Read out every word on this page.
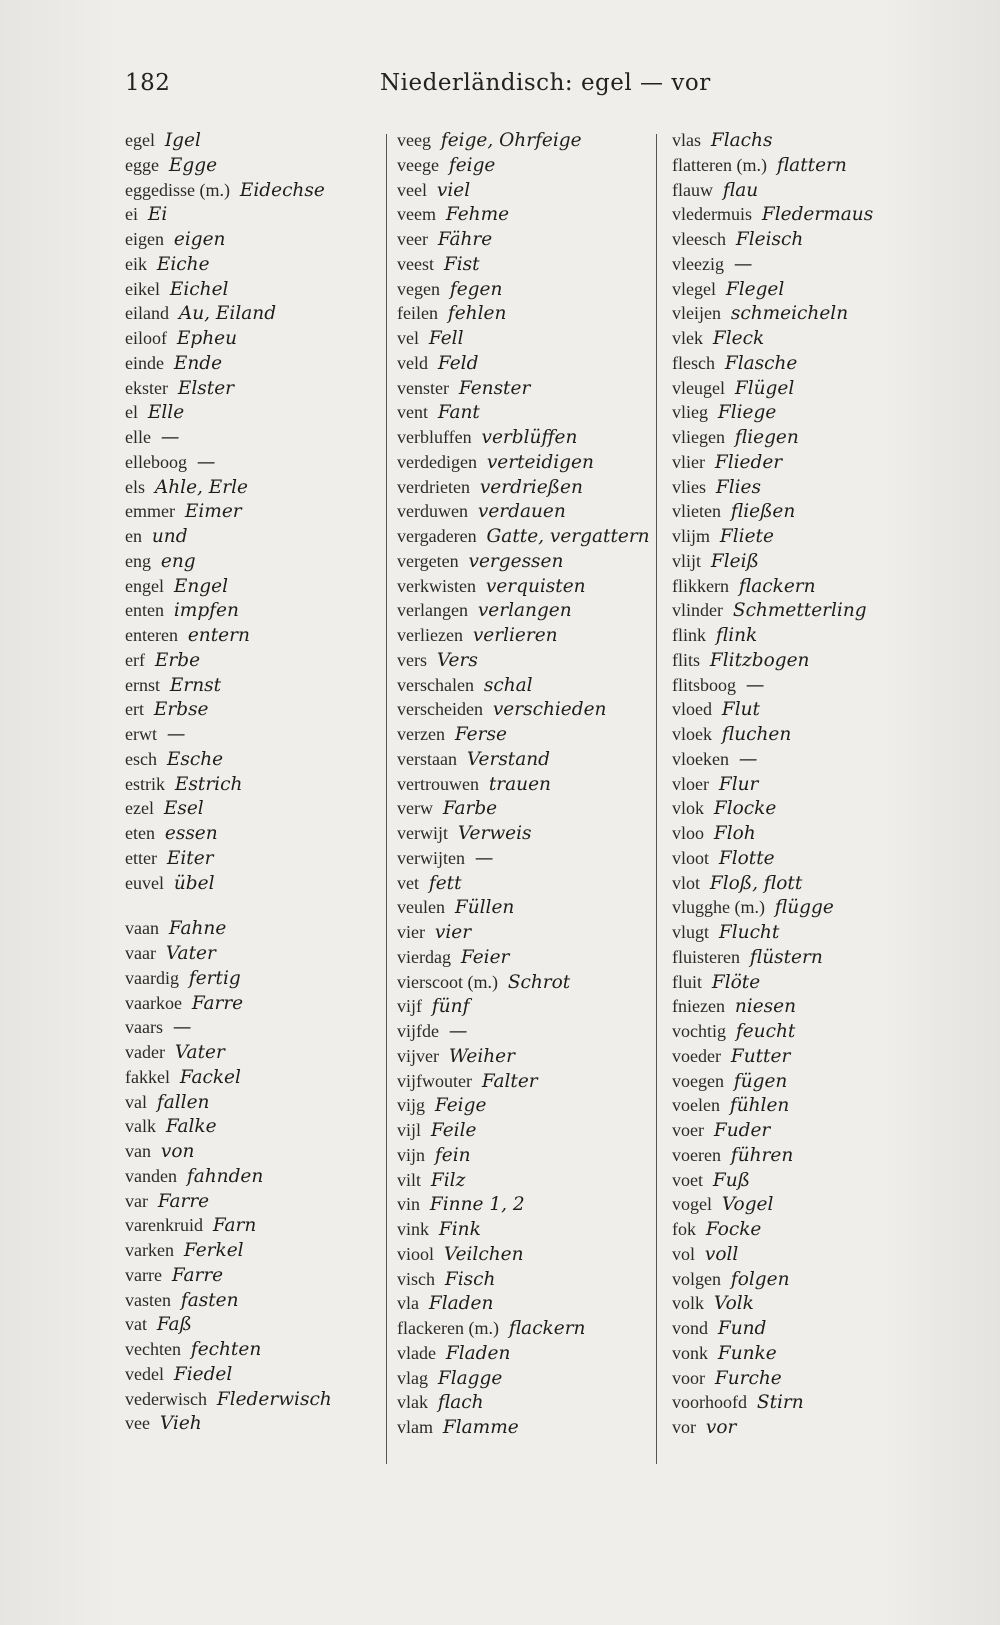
182	Niederländisch: egel — vor
egel Igel
egge Egge
eggedisse (m.) Eidechse
ei Ei
eigen eigen
eik Eiche
eikel Eichel
eiland Au, Eiland
eiloof Epheu
einde Ende
ekster Elster
el Elle
elle —
elleboog —
els Ahle, Erle
emmer Eimer
en und
eng eng
engel Engel
enten impfen
enteren entern
erf Erbe
ernst Ernst
ert Erbse
erwt —
esch Esche
estrik Estrich
ezel Esel
eten essen
etter Eiter
euvel übel
vaan Fahne
vaar Vater
vaardig fertig
vaarkoe Farre
vaars —
vader Vater
fakkel Fackel
val fallen
valk Falke
van von
vanden fahnden
var Farre
varenkruid Farn
varken Ferkel
varre Farre
vasten fasten
vat Faß
vechten fechten
vedel Fiedel
vederwisch Flederwisch
vee Vieh
veeg feige, Ohrfeige
veege feige
veel viel
veem Fehme
veer Fähre
veest Fist
vegen fegen
feilen fehlen
vel Fell
veld Feld
venster Fenster
vent Fant
verbluffen verblüffen
verdedigen verteidigen
verdrieten verdrießen
verduwen verdauen
vergaderen Gatte, vergattern
vergeten vergessen
verkwisten verquisten
verlangen verlangen
verliezen verlieren
vers Vers
verschalen schal
verscheiden verschieden
verzen Ferse
verstaan Verstand
vertrouwen trauen
verw Farbe
verwijt Verweis
verwijten —
vet fett
veulen Füllen
vier vier
vierdag Feier
vierscoot (m.) Schrot
vijf fünf
vijfde —
vijver Weiher
vijfwouter Falter
vijg Feige
vijl Feile
vijn fein
vilt Filz
vin Finne 1, 2
vink Fink
viool Veilchen
visch Fisch
vla Fladen
flackeren (m.) flackern
vlade Fladen
vlag Flagge
vlak flach
vlam Flamme
vlas Flachs
flatteren (m.) flattern
flauw flau
vledermuis Fledermaus
vleesch Fleisch
vleezig —
vlegel Flegel
vleijen schmeicheln
vlek Fleck
flesch Flasche
vleugel Flügel
vlieg Fliege
vliegen fliegen
vlier Flieder
vlies Flies
vlieten fließen
vlijm Fliete
vlijt Fleiß
flikkern flackern
vlinder Schmetterling
flink flink
flits Flitzbogen
flitsboog —
vloed Flut
vloek fluchen
vloeken —
vloer Flur
vlok Flocke
vloo Floh
vloot Flotte
vlot Floß, flott
vlugghe (m.) flügge
vlugt Flucht
fluisteren flüstern
fluit Flöte
fniezen niesen
vochtig feucht
voeder Futter
voegen fügen
voelen fühlen
voer Fuder
voeren führen
voet Fuß
vogel Vogel
fok Focke
vol voll
volgen folgen
volk Volk
vond Fund
vonk Funke
voor Furche
voorhoofd Stirn
vor vor
